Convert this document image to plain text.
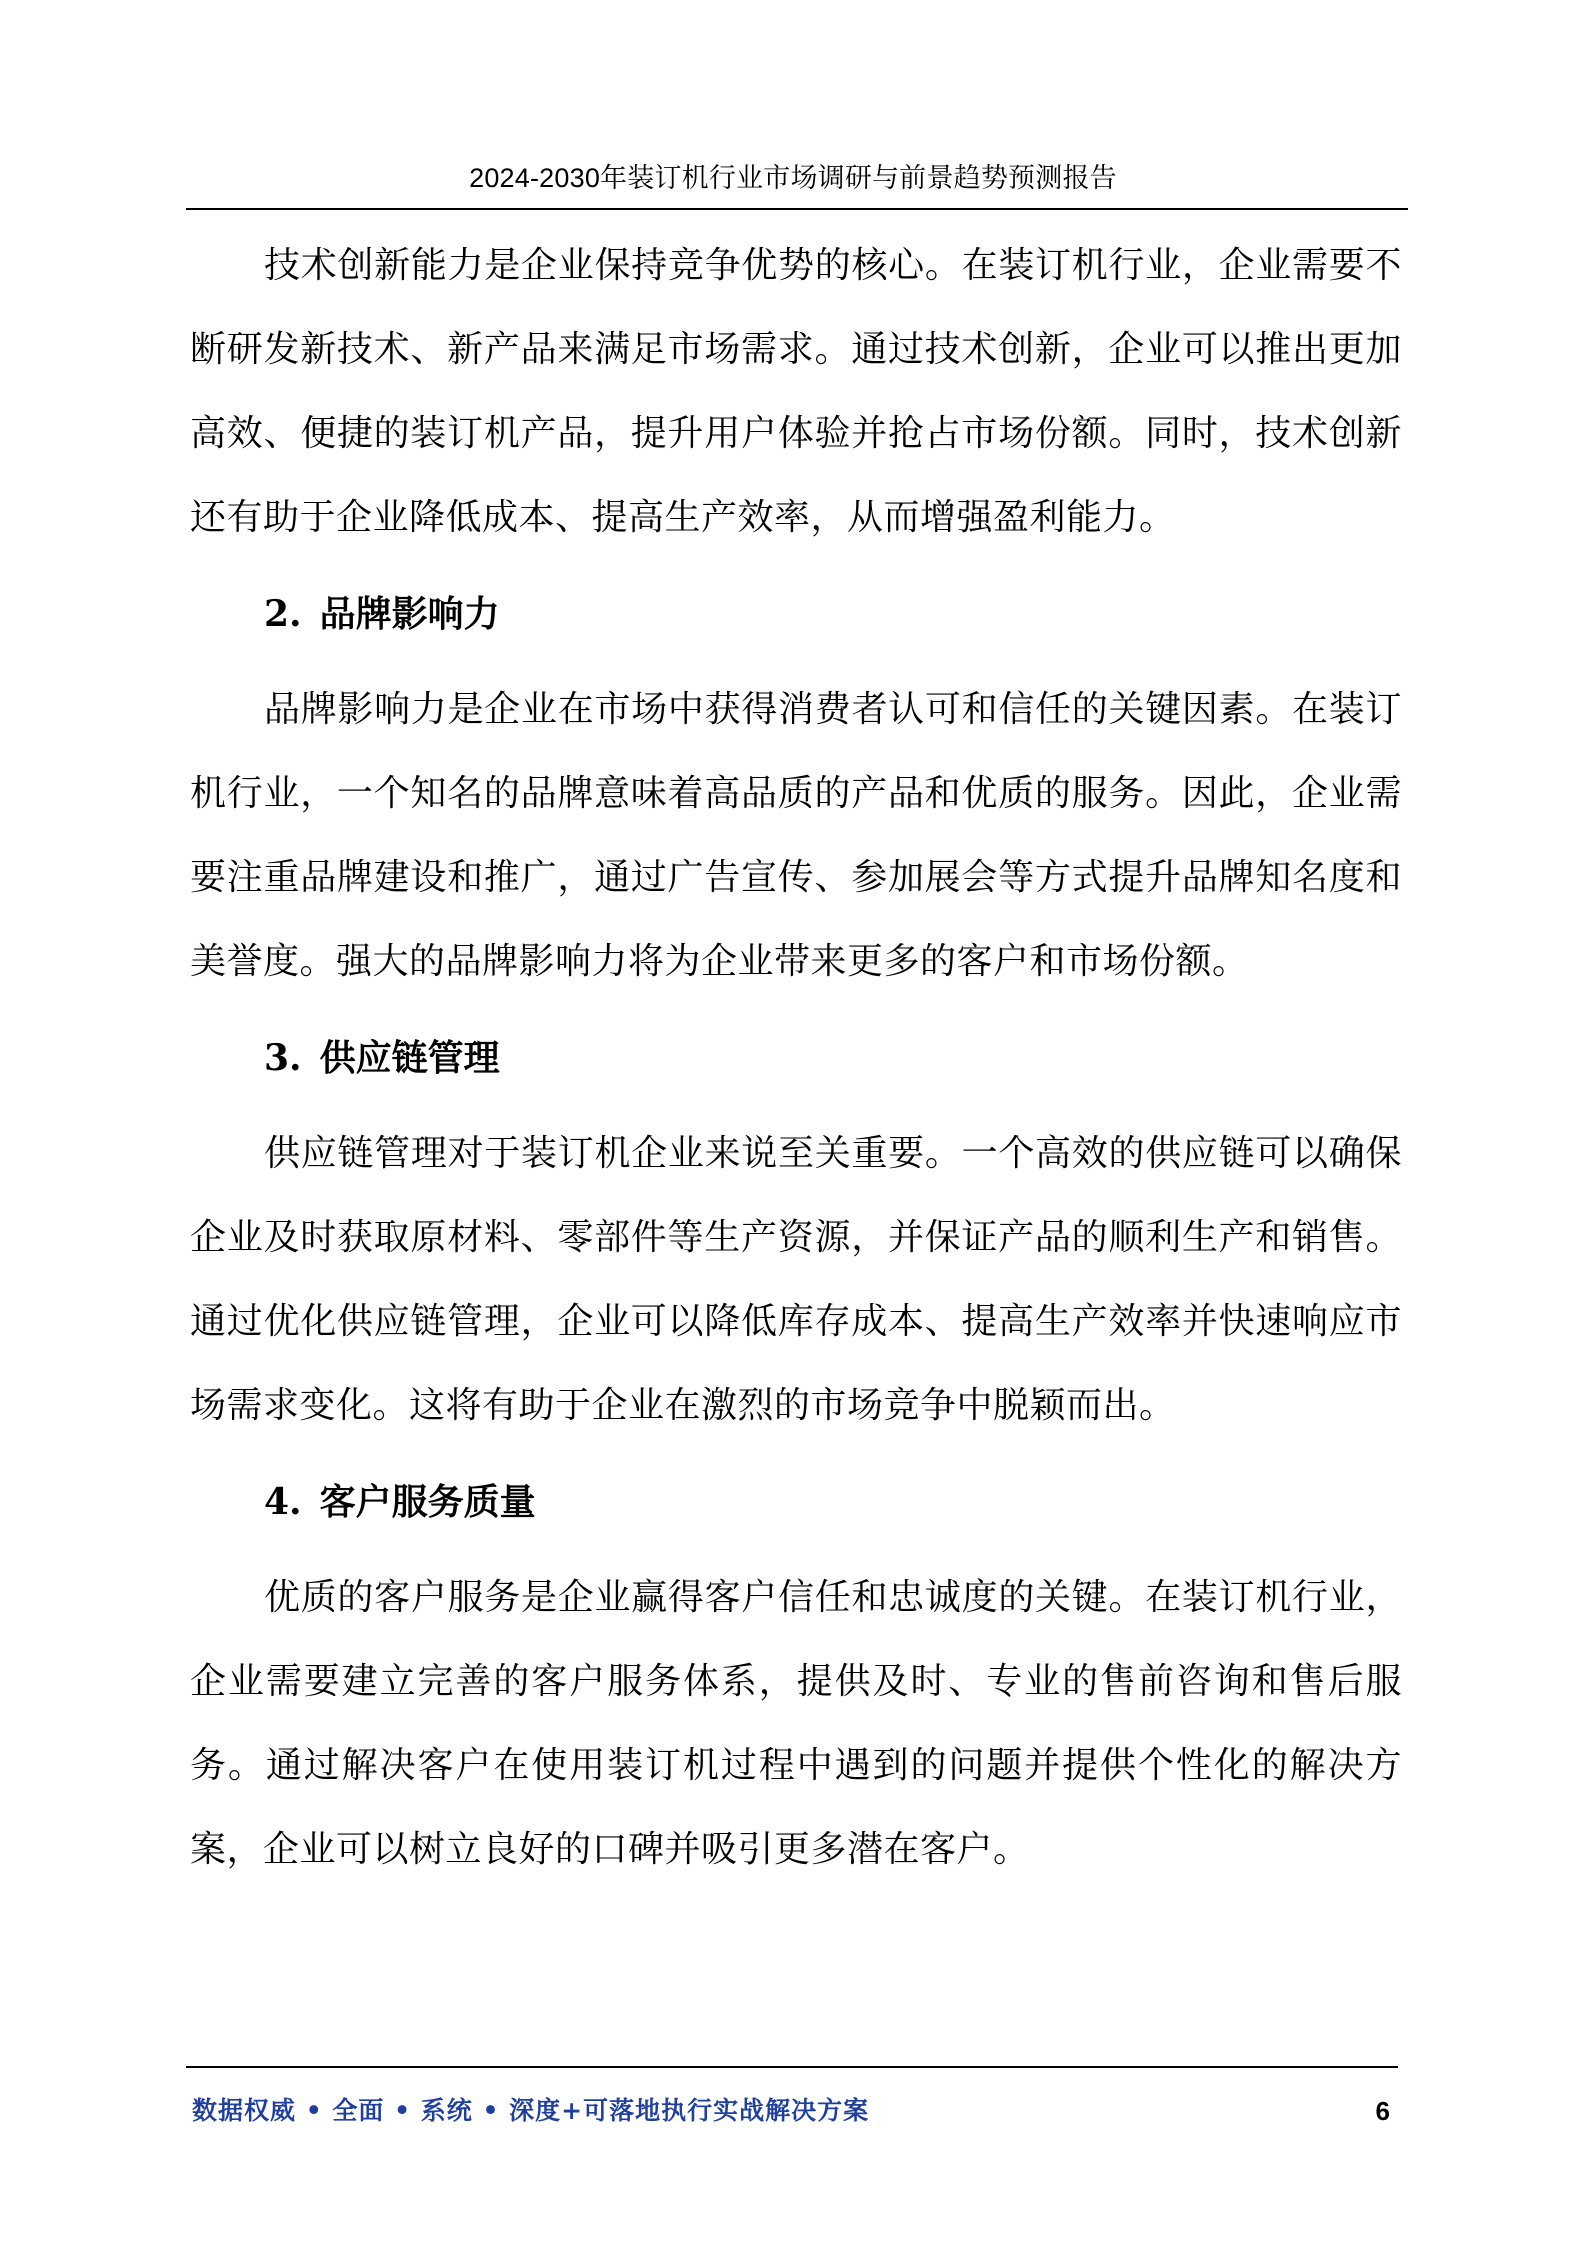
2024-2030年装订机行业市场调研与前景趋势预测报告

技术创新能力是企业保持竞争优势的核心。在装订机行业，企业需要不断研发新技术、新产品来满足市场需求。通过技术创新，企业可以推出更加高效、便捷的装订机产品，提升用户体验并抢占市场份额。同时，技术创新还有助于企业降低成本、提高生产效率，从而增强盈利能力。

2. 品牌影响力

品牌影响力是企业在市场中获得消费者认可和信任的关键因素。在装订机行业，一个知名的品牌意味着高品质的产品和优质的服务。因此，企业需要注重品牌建设和推广，通过广告宣传、参加展会等方式提升品牌知名度和美誉度。强大的品牌影响力将为企业带来更多的客户和市场份额。

3. 供应链管理

供应链管理对于装订机企业来说至关重要。一个高效的供应链可以确保企业及时获取原材料、零部件等生产资源，并保证产品的顺利生产和销售。通过优化供应链管理，企业可以降低库存成本、提高生产效率并快速响应市场需求变化。这将有助于企业在激烈的市场竞争中脱颖而出。

4. 客户服务质量

优质的客户服务是企业赢得客户信任和忠诚度的关键。在装订机行业，企业需要建立完善的客户服务体系，提供及时、专业的售前咨询和售后服务。通过解决客户在使用装订机过程中遇到的问题并提供个性化的解决方案，企业可以树立良好的口碑并吸引更多潜在客户。

数据权威 • 全面 • 系统 • 深度+可落地执行实战解决方案	6
